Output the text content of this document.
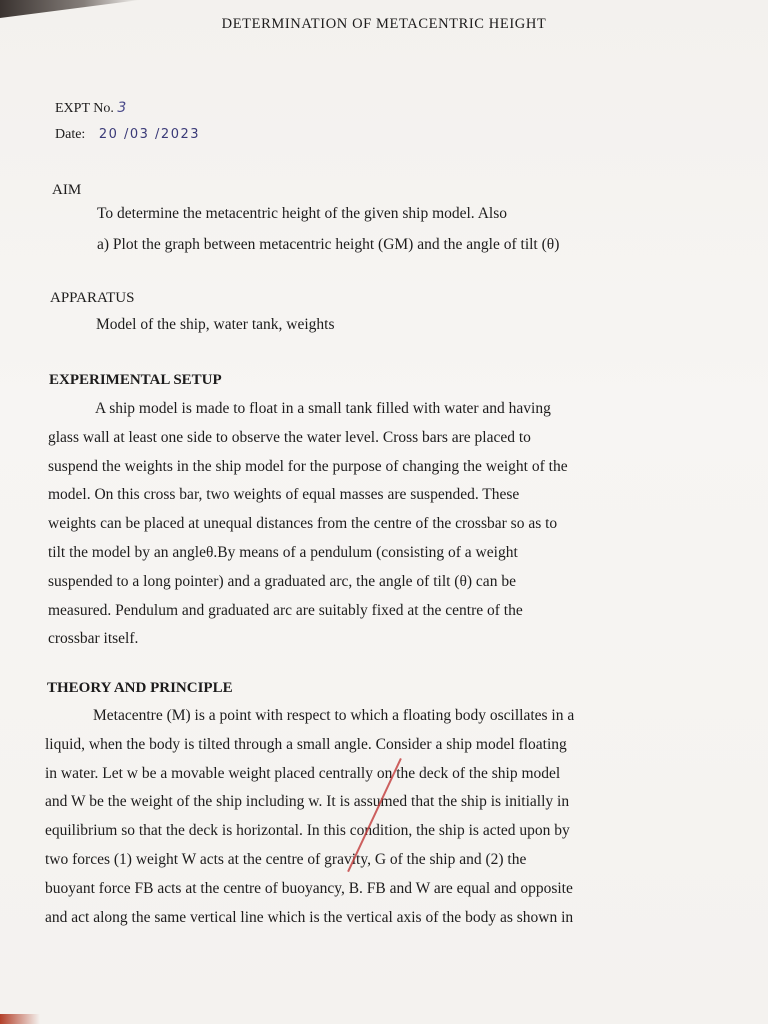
DETERMINATION OF METACENTRIC HEIGHT
EXPT No. 3
Date: 20 /03 /2023
AIM
To determine the metacentric height of the given ship model. Also
a) Plot the graph between metacentric height (GM) and the angle of tilt (θ)
APPARATUS
Model of the ship, water tank, weights
EXPERIMENTAL SETUP
A ship model is made to float in a small tank filled with water and having
glass wall at least one side to observe the water level. Cross bars are placed to
suspend the weights in the ship model for the purpose of changing the weight of the
model. On this cross bar, two weights of equal masses are suspended. These
weights can be placed at unequal distances from the centre of the crossbar so as to
tilt the model by an angleθ.By means of a pendulum (consisting of a weight
suspended to a long pointer) and a graduated arc, the angle of tilt (θ) can be
measured. Pendulum and graduated arc are suitably fixed at the centre of the
crossbar itself.
THEORY AND PRINCIPLE
Metacentre (M) is a point with respect to which a floating body oscillates in a
liquid, when the body is tilted through a small angle. Consider a ship model floating
in water. Let w be a movable weight placed centrally on the deck of the ship model
and W be the weight of the ship including w. It is assumed that the ship is initially in
equilibrium so that the deck is horizontal. In this condition, the ship is acted upon by
two forces (1) weight W acts at the centre of gravity, G of the ship and (2) the
buoyant force FB acts at the centre of buoyancy, B. FB and W are equal and opposite
and act along the same vertical line which is the vertical axis of the body as shown in
